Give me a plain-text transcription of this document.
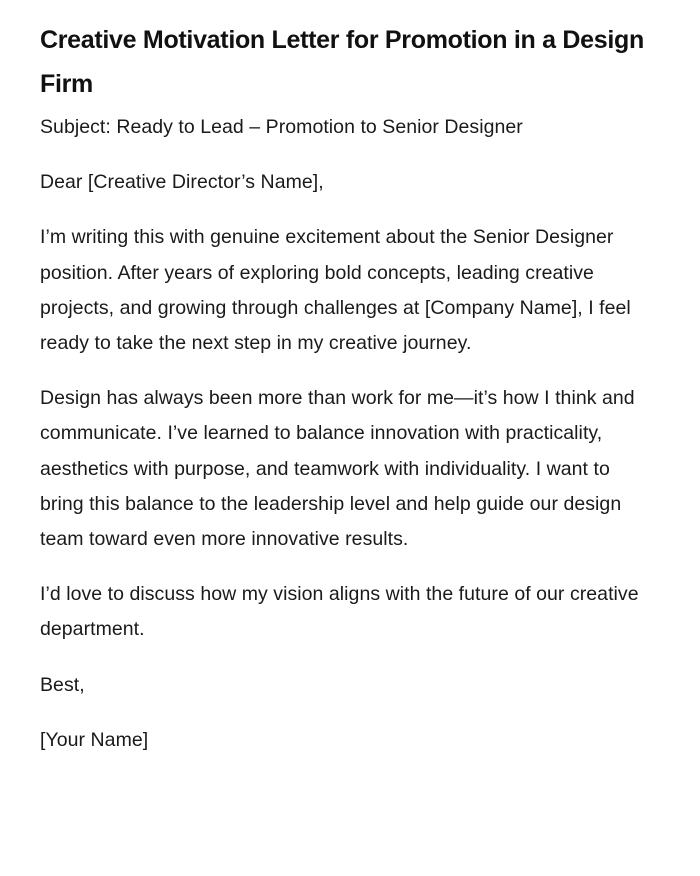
Creative Motivation Letter for Promotion in a Design Firm

Subject: Ready to Lead – Promotion to Senior Designer

Dear [Creative Director’s Name],

I’m writing this with genuine excitement about the Senior Designer position. After years of exploring bold concepts, leading creative projects, and growing through challenges at [Company Name], I feel ready to take the next step in my creative journey.

Design has always been more than work for me—it’s how I think and communicate. I’ve learned to balance innovation with practicality, aesthetics with purpose, and teamwork with individuality. I want to bring this balance to the leadership level and help guide our design team toward even more innovative results.

I’d love to discuss how my vision aligns with the future of our creative department.

Best,

[Your Name]
